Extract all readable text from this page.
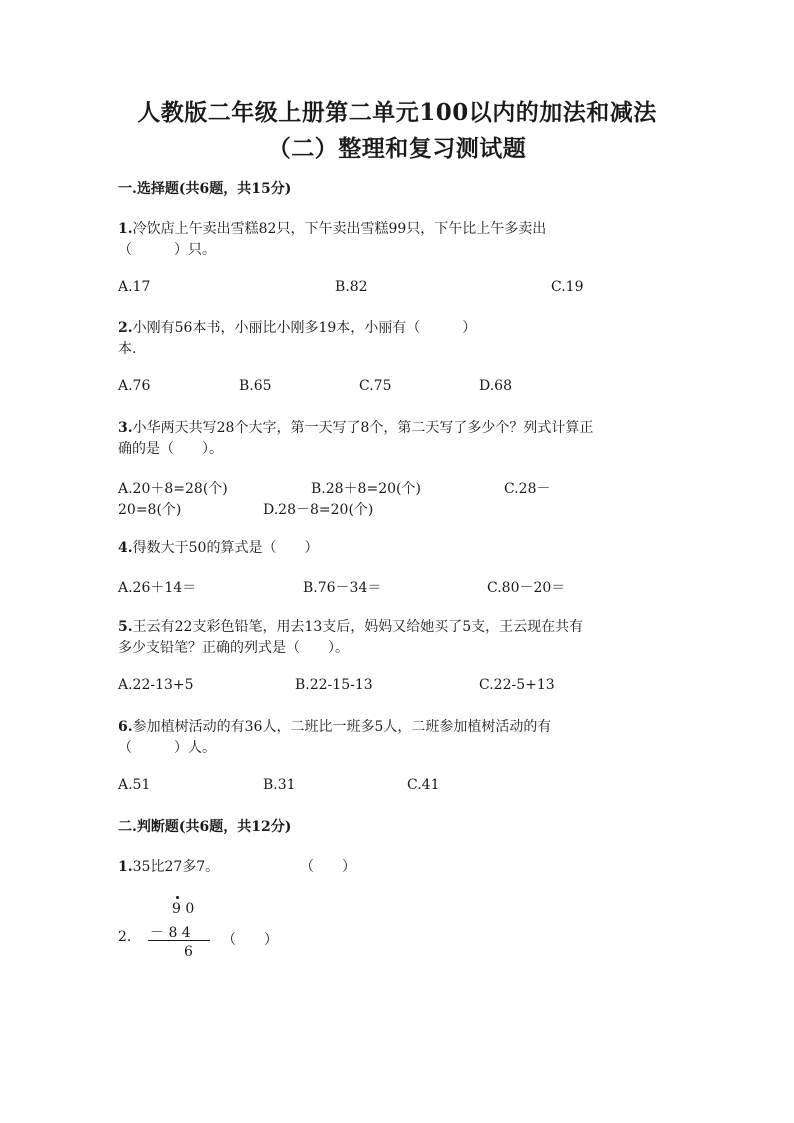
人教版二年级上册第二单元100以内的加法和减法
（二）整理和复习测试题
一.选择题(共6题，共15分)
1.冷饮店上午卖出雪糕82只，下午卖出雪糕99只，下午比上午多卖出
（　　　）只。
A.17	B.82	C.19
2.小刚有56本书，小丽比小刚多19本，小丽有（　　　）
本.
A.76	B.65	C.75	D.68
3.小华两天共写28个大字，第一天写了8个，第二天写了多少个？列式计算正
确的是（　　）。
A.20＋8=28(个)	B.28＋8=20(个)	C.28－
20=8(个)	D.28－8=20(个)
4.得数大于50的算式是（　　）
A.26＋14＝	B.76－34＝	C.80－20＝
5.王云有22支彩色铅笔，用去13支后，妈妈又给她买了5支，王云现在共有
多少支铅笔？正确的列式是（　　）。
A.22-13+5	B.22-15-13	C.22-5+13
6.参加植树活动的有36人，二班比一班多5人，二班参加植树活动的有
（　　　）人。
A.51	B.31	C.41
二.判断题(共6题，共12分)
1.35比27多7。	（　　）
2.
9 0
－ 8 4
6
（　　）
